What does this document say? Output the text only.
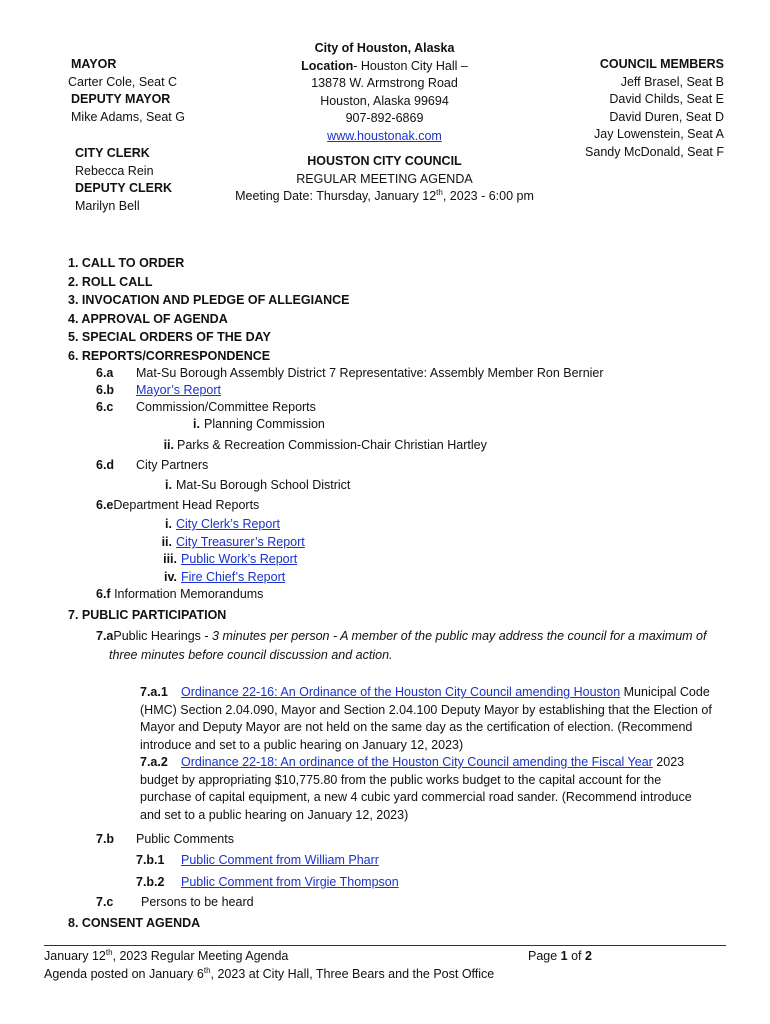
MAYOR
Carter Cole, Seat C
DEPUTY MAYOR
Mike Adams, Seat G
CITY CLERK
Rebecca Rein
DEPUTY CLERK
Marilyn Bell
City of Houston, Alaska
Location- Houston City Hall –
13878 W. Armstrong Road
Houston, Alaska 99694
907-892-6869
www.houstonak.com
HOUSTON CITY COUNCIL
REGULAR MEETING AGENDA
Meeting Date: Thursday, January 12th, 2023 - 6:00 pm
COUNCIL MEMBERS
Jeff Brasel, Seat B
David Childs, Seat E
David Duren, Seat D
Jay Lowenstein, Seat A
Sandy McDonald, Seat F
1. CALL TO ORDER
2. ROLL CALL
3. INVOCATION AND PLEDGE OF ALLEGIANCE
4. APPROVAL OF AGENDA
5. SPECIAL ORDERS OF THE DAY
6. REPORTS/CORRESPONDENCE
6.a Mat-Su Borough Assembly District 7 Representative: Assembly Member Ron Bernier
6.b Mayor’s Report
6.c Commission/Committee Reports
i. Planning Commission
ii. Parks & Recreation Commission-Chair Christian Hartley
6.d City Partners
i. Mat-Su Borough School District
6.eDepartment Head Reports
i. City Clerk’s Report
ii. City Treasurer’s Report
iii. Public Work’s Report
iv. Fire Chief’s Report
6.f Information Memorandums
7. PUBLIC PARTICIPATION
7.aPublic Hearings - 3 minutes per person - A member of the public may address the council for a maximum of
three minutes before council discussion and action.
7.a.1 Ordinance 22-16: An Ordinance of the Houston City Council amending Houston Municipal Code
(HMC) Section 2.04.090, Mayor and Section 2.04.100 Deputy Mayor by establishing that the Election of
Mayor and Deputy Mayor are not held on the same day as the certification of election. (Recommend
introduce and set to a public hearing on January 12, 2023)
7.a.2 Ordinance 22-18: An ordinance of the Houston City Council amending the Fiscal Year 2023
budget by appropriating $10,775.80 from the public works budget to the capital account for the
purchase of capital equipment, a new 4 cubic yard commercial road sander. (Recommend introduce
and set to a public hearing on January 12, 2023)
7.b Public Comments
7.b.1 Public Comment from William Pharr
7.b.2 Public Comment from Virgie Thompson
7.c Persons to be heard
8. CONSENT AGENDA
January 12th, 2023 Regular Meeting Agenda
Agenda posted on January 6th, 2023 at City Hall, Three Bears and the Post Office
Page 1 of 2
